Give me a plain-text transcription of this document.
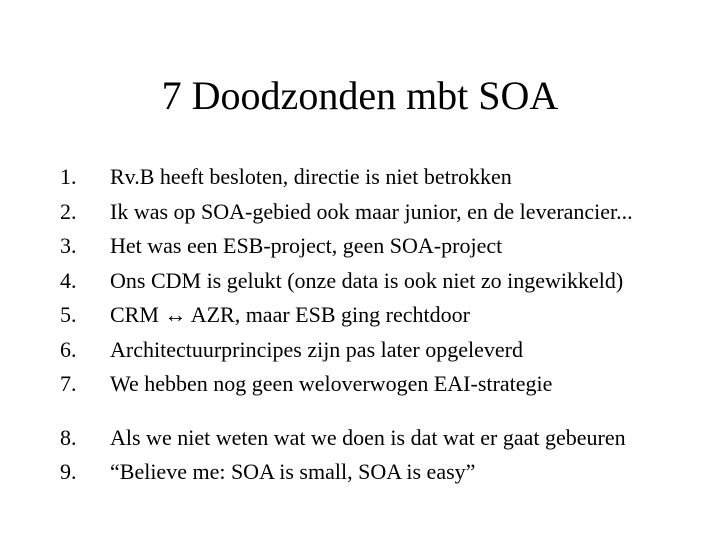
7 Doodzonden mbt SOA
1.	Rv.B heeft besloten, directie is niet betrokken
2.	Ik was op SOA-gebied ook maar junior, en de leverancier...
3.	Het was een ESB-project, geen SOA-project
4.	Ons CDM is gelukt (onze data is ook niet zo ingewikkeld)
5.	CRM ↔ AZR, maar ESB ging rechtdoor
6.	Architectuurprincipes zijn pas later opgeleverd
7.	We hebben nog geen weloverwogen EAI-strategie
8.	Als we niet weten wat we doen is dat wat er gaat gebeuren
9.	“Believe me: SOA is small, SOA is easy”
